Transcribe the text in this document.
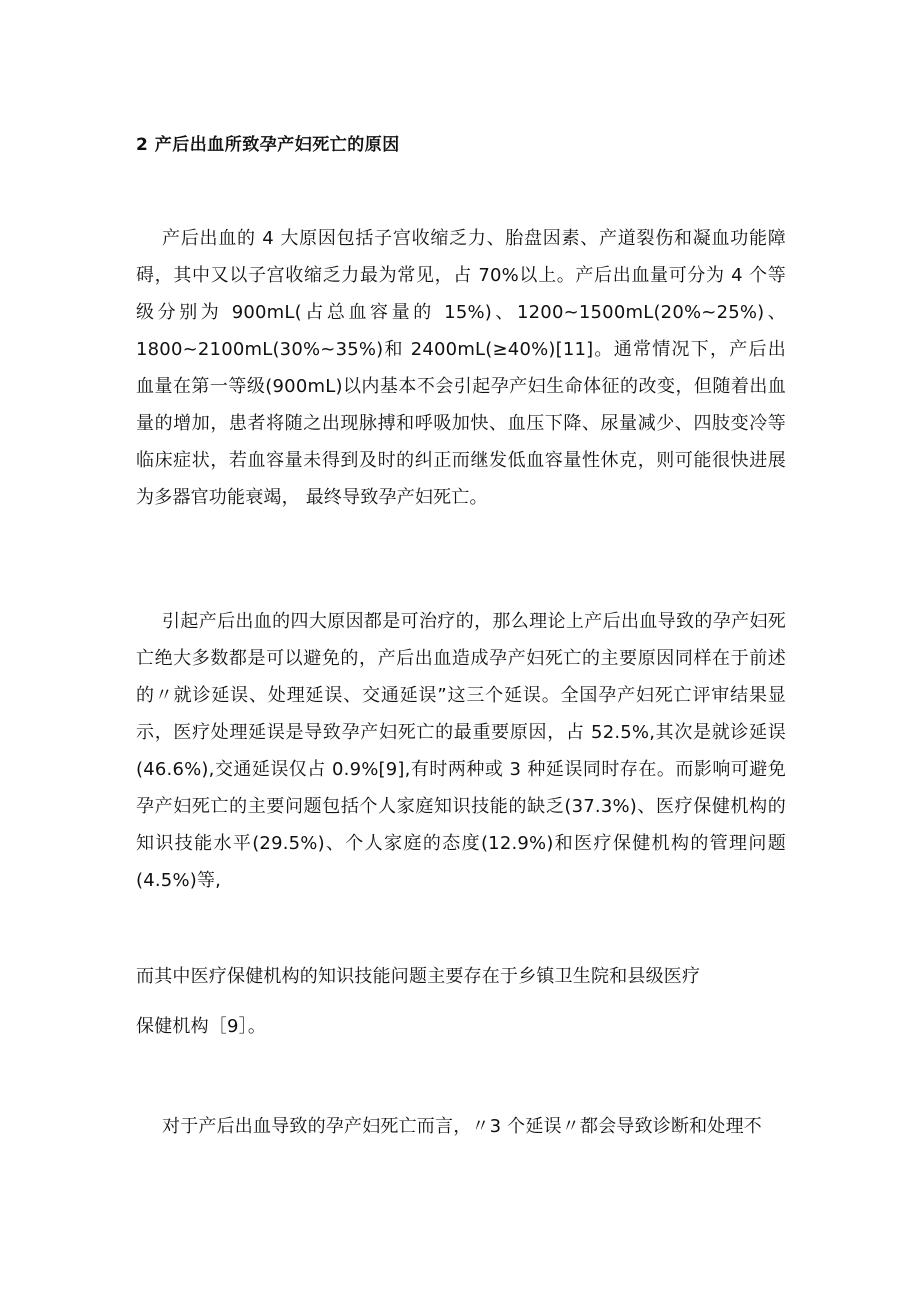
2 产后出血所致孕产妇死亡的原因

产后出血的 4 大原因包括子宫收缩乏力、胎盘因素、产道裂伤和凝血功能障碍，其中又以子宫收缩乏力最为常见，占 70%以上。产后出血量可分为 4 个等级分别为 900mL(占总血容量的 15%)、1200~1500mL(20%~25%)、1800~2100mL(30%~35%)和 2400mL(≥40%)[11]。通常情况下，产后出血量在第一等级(900mL)以内基本不会引起孕产妇生命体征的改变，但随着出血量的增加，患者将随之出现脉搏和呼吸加快、血压下降、尿量减少、四肢变冷等临床症状，若血容量未得到及时的纠正而继发低血容量性休克，则可能很快进展为多器官功能衰竭， 最终导致孕产妇死亡。

引起产后出血的四大原因都是可治疗的，那么理论上产后出血导致的孕产妇死亡绝大多数都是可以避免的，产后出血造成孕产妇死亡的主要原因同样在于前述的〃就诊延误、处理延误、交通延误”这三个延误。全国孕产妇死亡评审结果显示，医疗处理延误是导致孕产妇死亡的最重要原因，占 52.5%,其次是就诊延误(46.6%),交通延误仅占 0.9%[9],有时两种或 3 种延误同时存在。而影响可避免孕产妇死亡的主要问题包括个人家庭知识技能的缺乏(37.3%)、医疗保健机构的知识技能水平(29.5%)、个人家庭的态度(12.9%)和医疗保健机构的管理问题(4.5%)等,

而其中医疗保健机构的知识技能问题主要存在于乡镇卫生院和县级医疗
保健机构［9］。

对于产后出血导致的孕产妇死亡而言，〃3 个延误〃都会导致诊断和处理不
